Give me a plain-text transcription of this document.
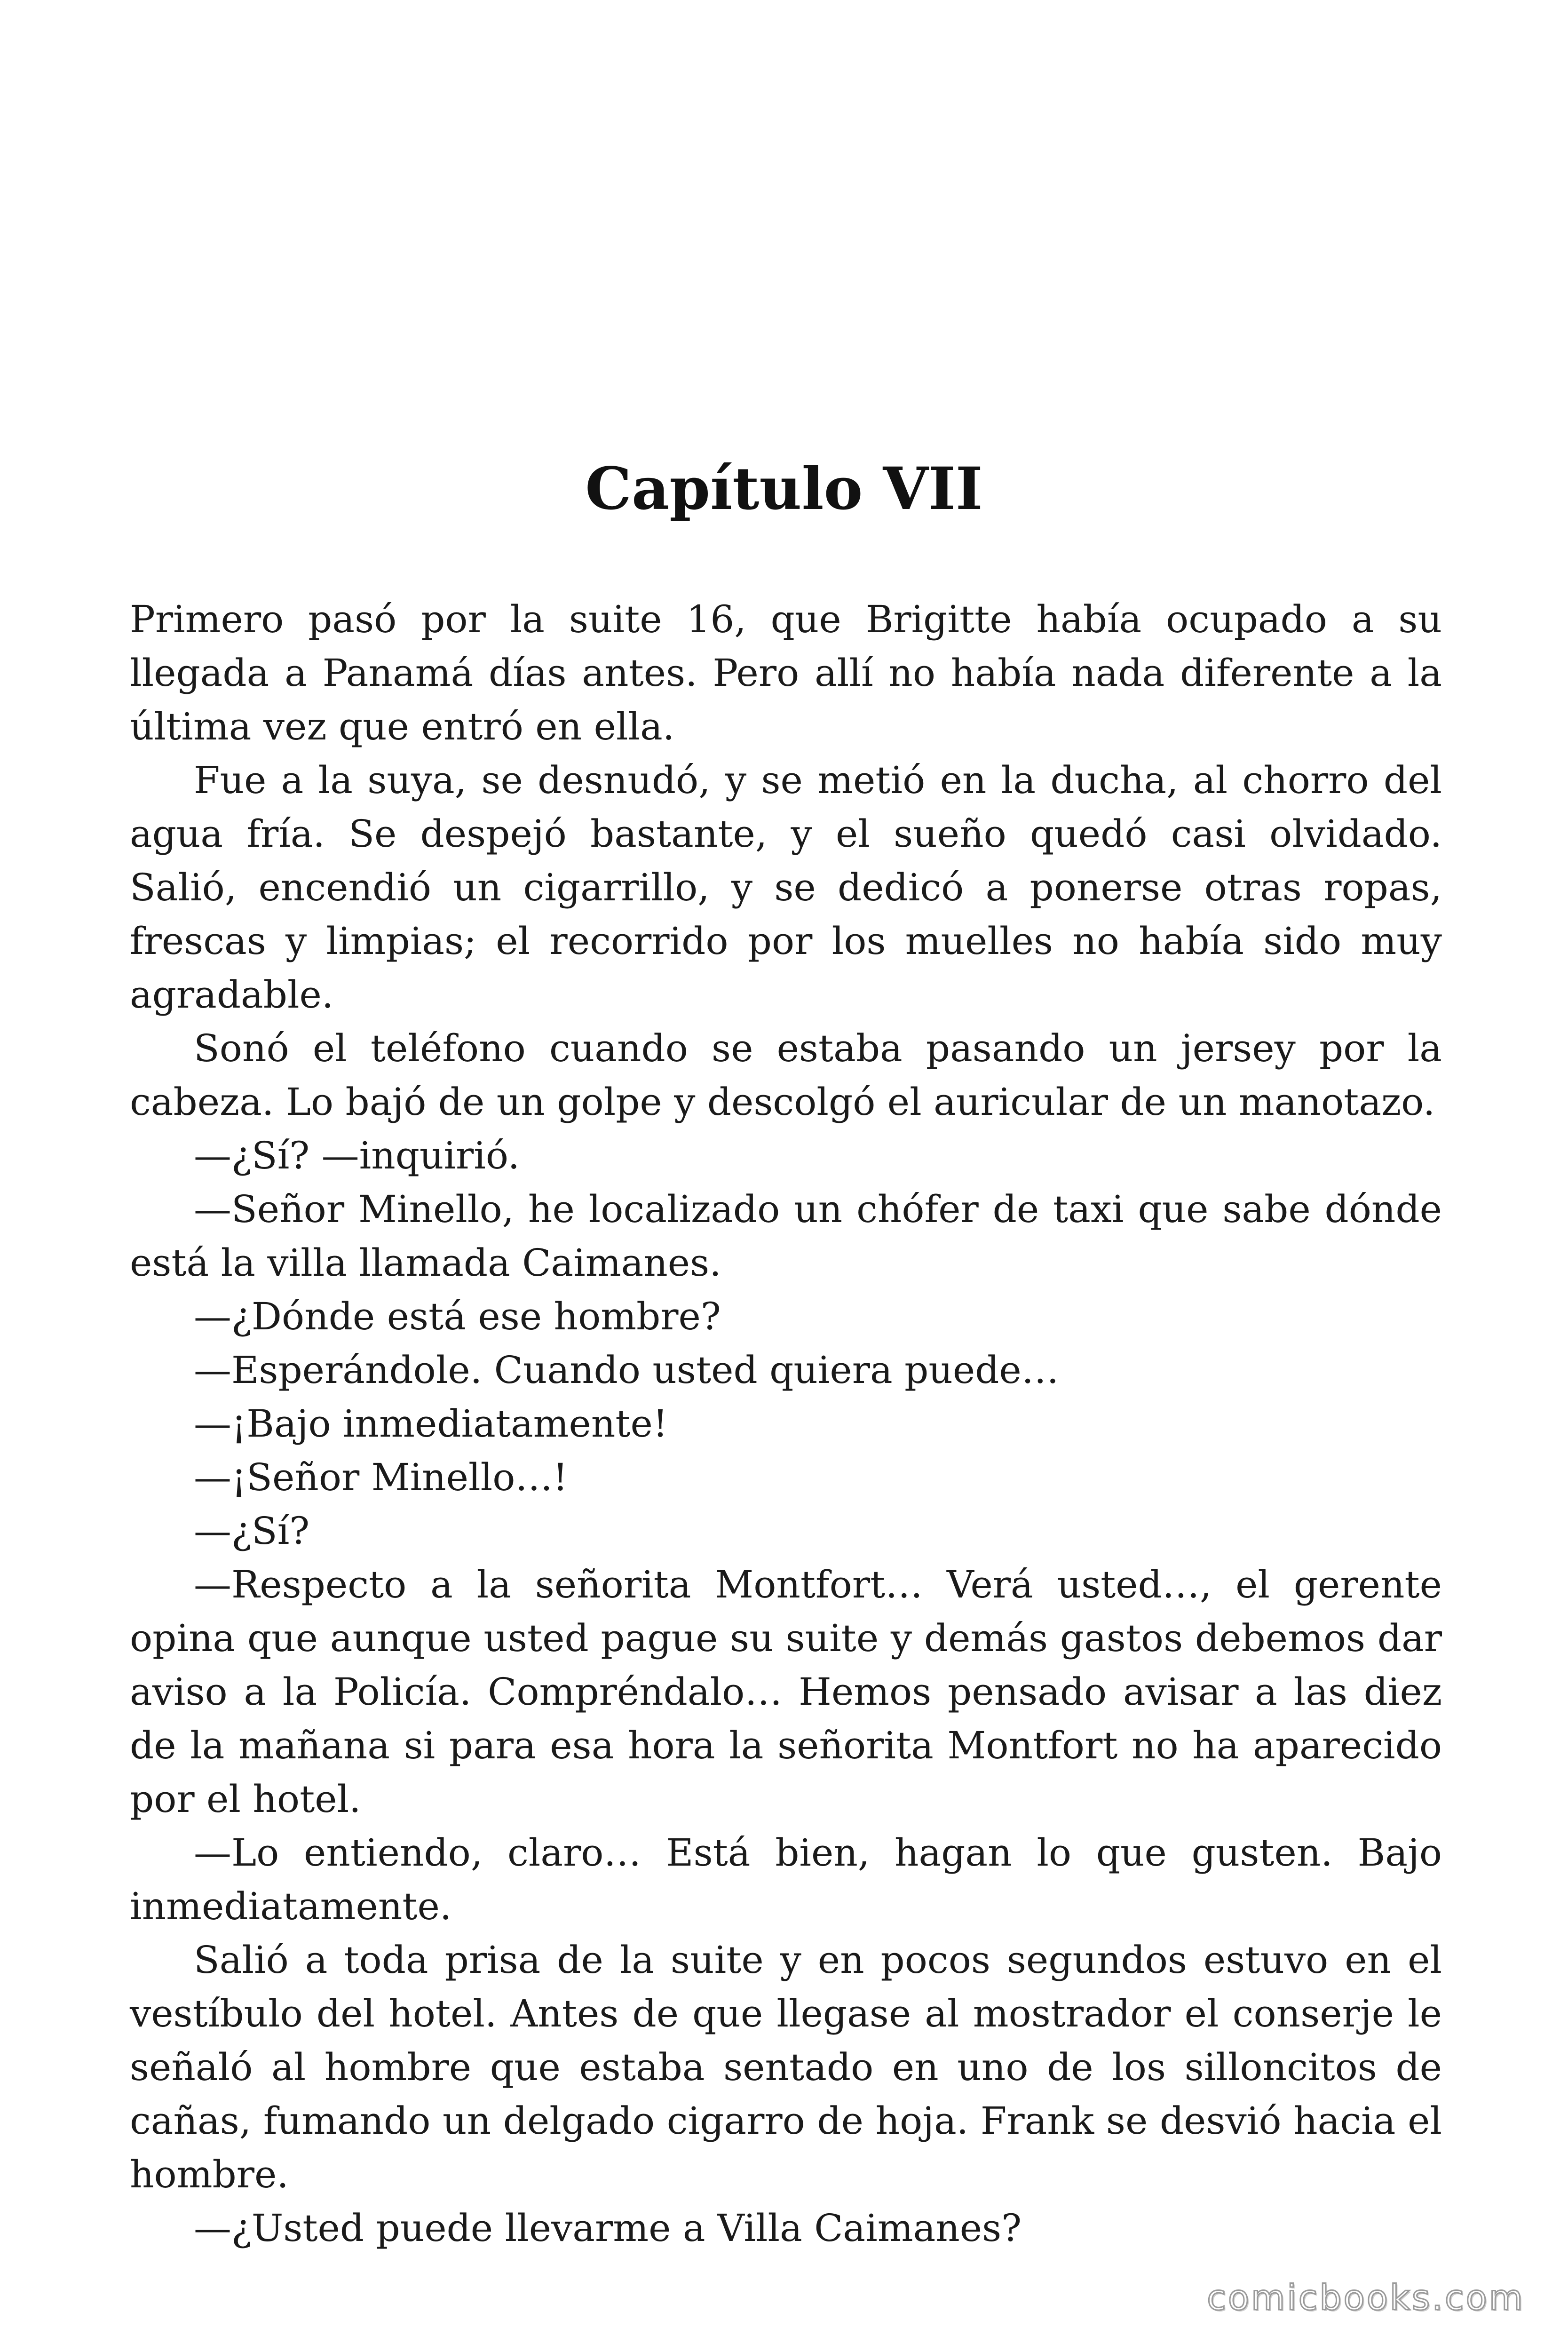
Capítulo VII

Primero pasó por la suite 16, que Brigitte había ocupado a su llegada a Panamá días antes. Pero allí no había nada diferente a la última vez que entró en ella.

Fue a la suya, se desnudó, y se metió en la ducha, al chorro del agua fría. Se despejó bastante, y el sueño quedó casi olvidado. Salió, encendió un cigarrillo, y se dedicó a ponerse otras ropas, frescas y limpias; el recorrido por los muelles no había sido muy agradable.

Sonó el teléfono cuando se estaba pasando un jersey por la cabeza. Lo bajó de un golpe y descolgó el auricular de un manotazo.

—¿Sí? —inquirió.

—Señor Minello, he localizado un chófer de taxi que sabe dónde está la villa llamada Caimanes.

—¿Dónde está ese hombre?

—Esperándole. Cuando usted quiera puede…

—¡Bajo inmediatamente!

—¡Señor Minello…!

—¿Sí?

—Respecto a la señorita Montfort… Verá usted…, el gerente opina que aunque usted pague su suite y demás gastos debemos dar aviso a la Policía. Compréndalo… Hemos pensado avisar a las diez de la mañana si para esa hora la señorita Montfort no ha aparecido por el hotel.

—Lo entiendo, claro… Está bien, hagan lo que gusten. Bajo inmediatamente.

Salió a toda prisa de la suite y en pocos segundos estuvo en el vestíbulo del hotel. Antes de que llegase al mostrador el conserje le señaló al hombre que estaba sentado en uno de los silloncitos de cañas, fumando un delgado cigarro de hoja. Frank se desvió hacia el hombre.

—¿Usted puede llevarme a Villa Caimanes?

comicbooks.com
